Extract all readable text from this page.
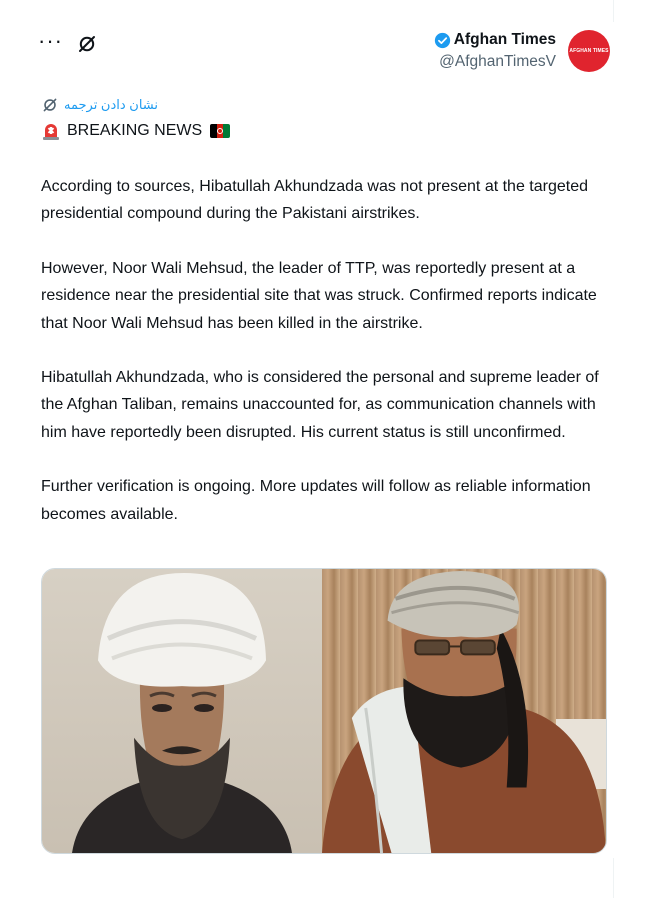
···	Afghan Times
@AfghanTimesV
AFGHAN TIMES
نشان دادن ترجمه
BREAKING NEWS

According to sources, Hibatullah Akhundzada was not present at the targeted presidential compound during the Pakistani airstrikes.

However, Noor Wali Mehsud, the leader of TTP, was reportedly present at a residence near the presidential site that was struck. Confirmed reports indicate that Noor Wali Mehsud has been killed in the airstrike.

Hibatullah Akhundzada, who is considered the personal and supreme leader of the Afghan Taliban, remains unaccounted for, as communication channels with him have reportedly been disrupted. His current status is still unconfirmed.

Further verification is ongoing. More updates will follow as reliable information becomes available.
